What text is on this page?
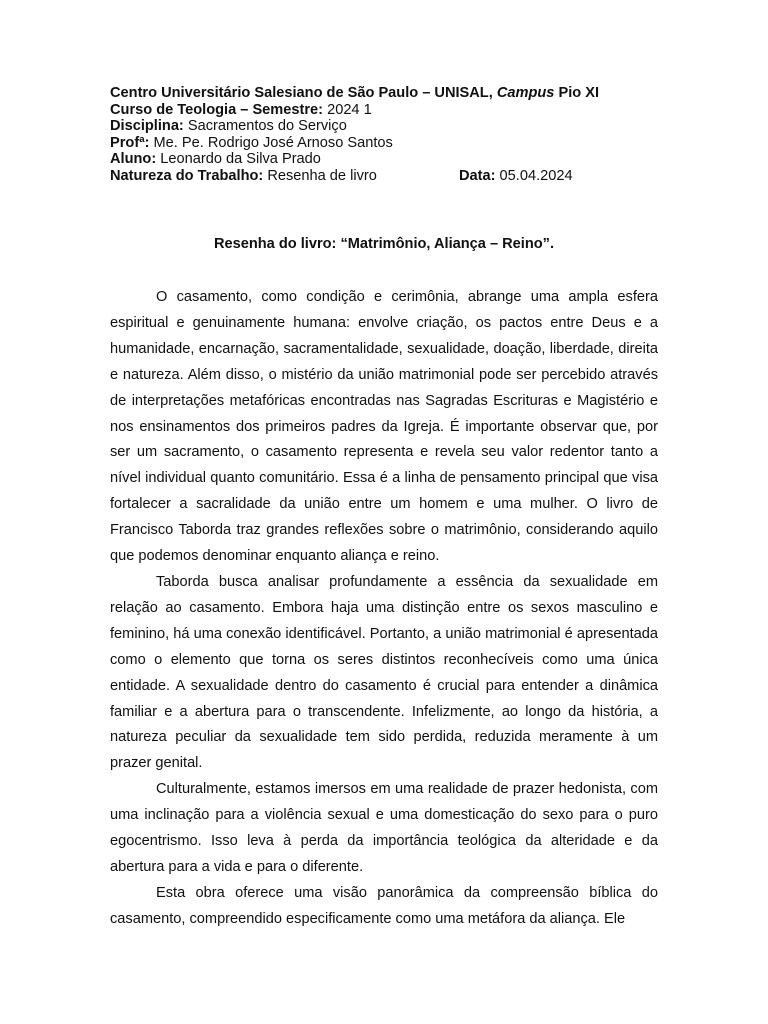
Centro Universitário Salesiano de São Paulo – UNISAL, Campus Pio XI
Curso de Teologia – Semestre: 2024 1
Disciplina: Sacramentos do Serviço
Profª: Me. Pe. Rodrigo José Arnoso Santos
Aluno: Leonardo da Silva Prado
Natureza do Trabalho: Resenha de livro	Data: 05.04.2024
Resenha do livro: “Matrimônio, Aliança – Reino”.

O casamento, como condição e cerimônia, abrange uma ampla esfera espiritual e genuinamente humana: envolve criação, os pactos entre Deus e a humanidade, encarnação, sacramentalidade, sexualidade, doação, liberdade, direita e natureza. Além disso, o mistério da união matrimonial pode ser percebido através de interpretações metafóricas encontradas nas Sagradas Escrituras e Magistério e nos ensinamentos dos primeiros padres da Igreja. É importante observar que, por ser um sacramento, o casamento representa e revela seu valor redentor tanto a nível individual quanto comunitário. Essa é a linha de pensamento principal que visa fortalecer a sacralidade da união entre um homem e uma mulher. O livro de Francisco Taborda traz grandes reflexões sobre o matrimônio, considerando aquilo que podemos denominar enquanto aliança e reino.

Taborda busca analisar profundamente a essência da sexualidade em relação ao casamento. Embora haja uma distinção entre os sexos masculino e feminino, há uma conexão identificável. Portanto, a união matrimonial é apresentada como o elemento que torna os seres distintos reconhecíveis como uma única entidade. A sexualidade dentro do casamento é crucial para entender a dinâmica familiar e a abertura para o transcendente. Infelizmente, ao longo da história, a natureza peculiar da sexualidade tem sido perdida, reduzida meramente à um prazer genital.

Culturalmente, estamos imersos em uma realidade de prazer hedonista, com uma inclinação para a violência sexual e uma domesticação do sexo para o puro egocentrismo. Isso leva à perda da importância teológica da alteridade e da abertura para a vida e para o diferente.

Esta obra oferece uma visão panorâmica da compreensão bíblica do casamento, compreendido especificamente como uma metáfora da aliança. Ele
